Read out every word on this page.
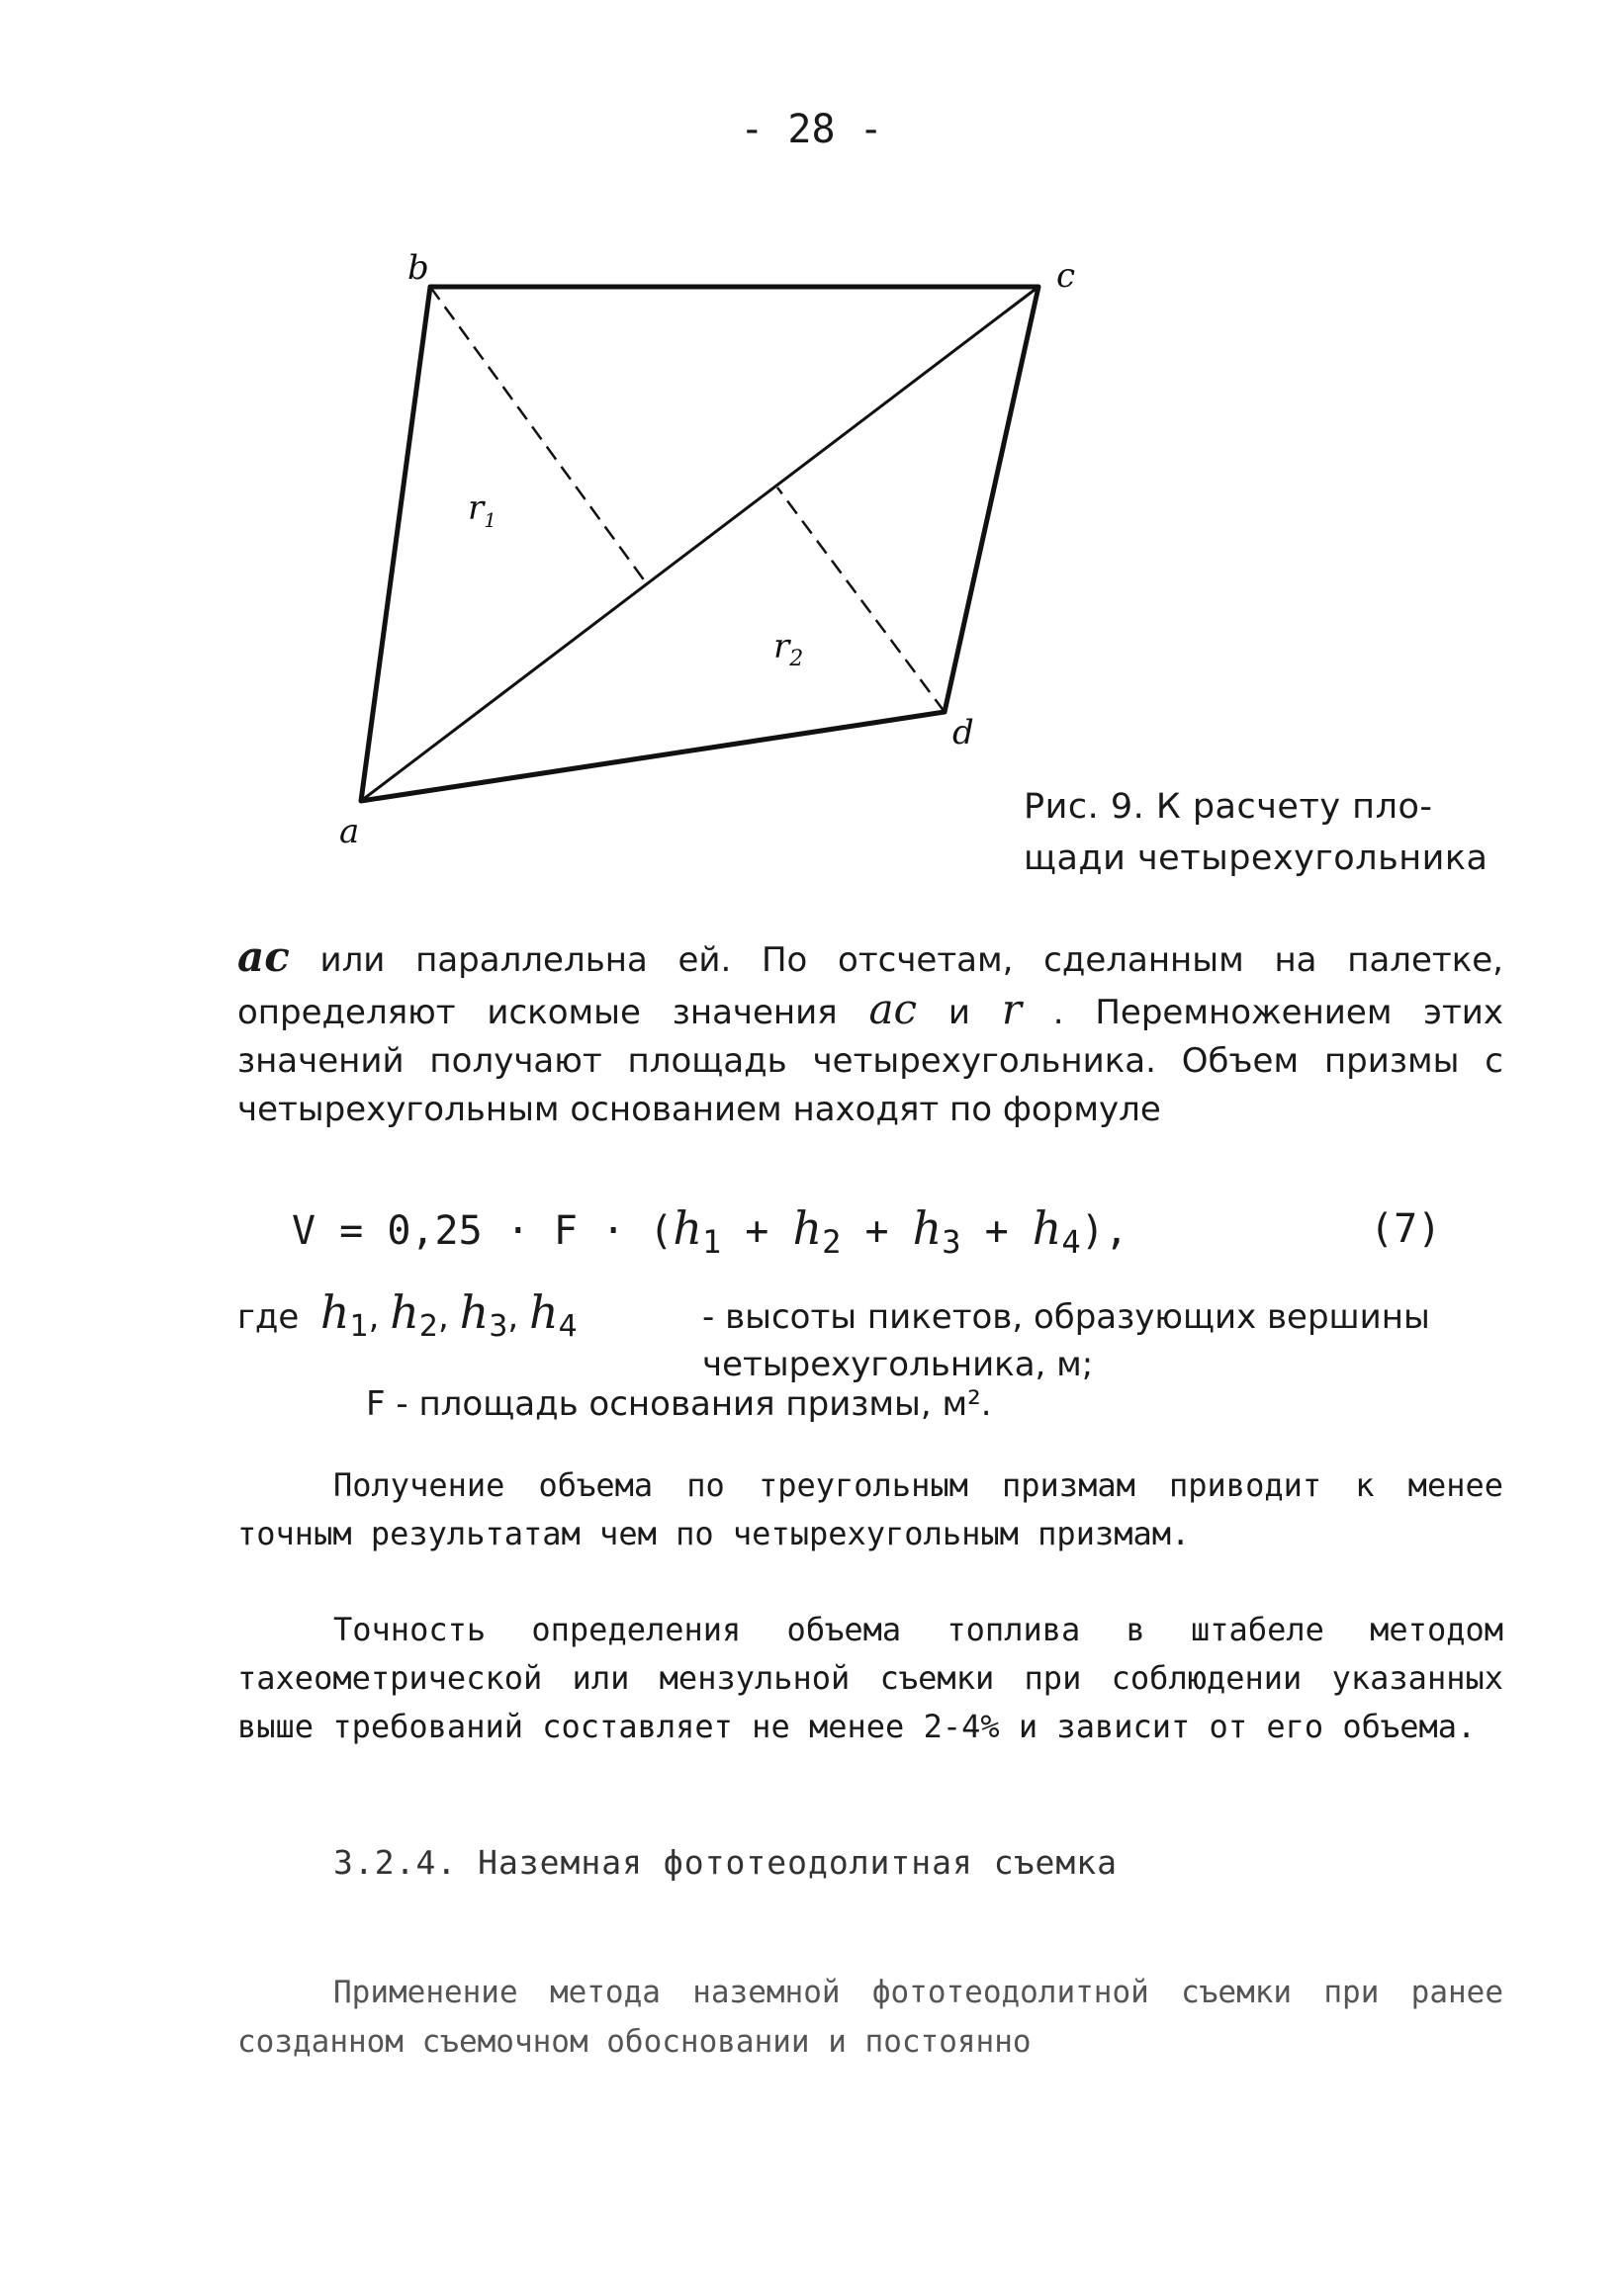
- 28 -
b	c
d
a
$r_1$
$r_2$
Рис. 9. К расчету пло-
щади четырехугольника
ac или параллельна ей. По отсчетам, сделанным на палетке, определяют искомые значения ac и r . Перемножением этих значений получают площадь четырехугольника. Объем призмы с четырехугольным основанием находят по формуле
$V = 0,25 \cdot F \cdot (h_1 + h_2 + h_3 + h_4)$,	(7)
где $h_1$, $h_2$, $h_3$, $h_4$	- высоты пикетов, образующих вершины четырехугольника, м;
F - площадь основания призмы, м².
Получение объема по треугольным призмам приводит к менее точным результатам чем по четырехугольным призмам.
Точность определения объема топлива в штабеле методом тахеометрической или мензульной съемки при соблюдении указанных выше требований составляет не менее 2-4% и зависит от его объема.
3.2.4. Наземная фототеодолитная съемка
Применение метода наземной фототеодолитной съемки при ранее созданном съемочном обосновании и постоянно
